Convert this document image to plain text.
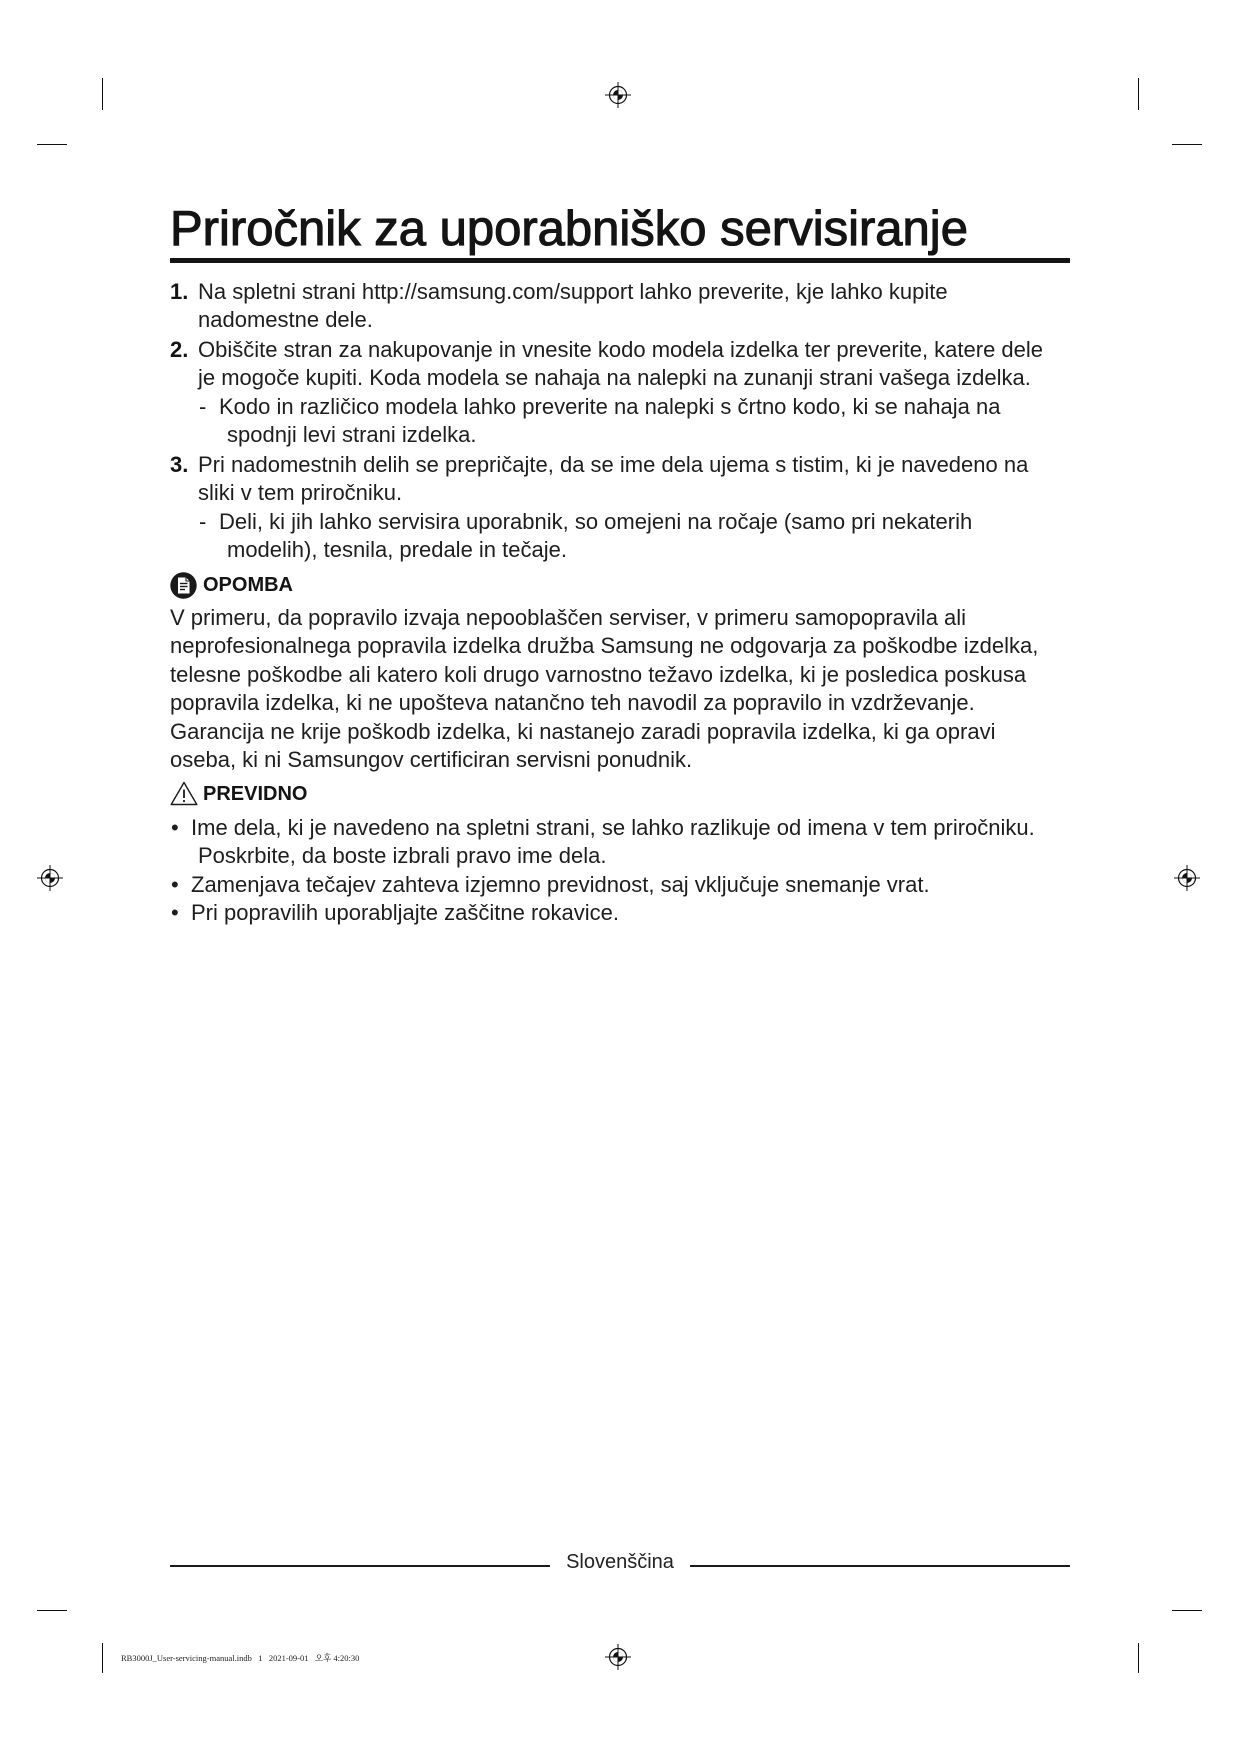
Priročnik za uporabniško servisiranje
1. Na spletni strani http://samsung.com/support lahko preverite, kje lahko kupite
nadomestne dele.
2. Obiščite stran za nakupovanje in vnesite kodo modela izdelka ter preverite, katere dele
je mogoče kupiti. Koda modela se nahaja na nalepki na zunanji strani vašega izdelka.
- Kodo in različico modela lahko preverite na nalepki s črtno kodo, ki se nahaja na
spodnji levi strani izdelka.
3. Pri nadomestnih delih se prepričajte, da se ime dela ujema s tistim, ki je navedeno na
sliki v tem priročniku.
- Deli, ki jih lahko servisira uporabnik, so omejeni na ročaje (samo pri nekaterih
modelih), tesnila, predale in tečaje.
OPOMBA
V primeru, da popravilo izvaja nepooblaščen serviser, v primeru samopopravila ali
neprofesionalnega popravila izdelka družba Samsung ne odgovarja za poškodbe izdelka,
telesne poškodbe ali katero koli drugo varnostno težavo izdelka, ki je posledica poskusa
popravila izdelka, ki ne upošteva natančno teh navodil za popravilo in vzdrževanje.
Garancija ne krije poškodb izdelka, ki nastanejo zaradi popravila izdelka, ki ga opravi
oseba, ki ni Samsungov certificiran servisni ponudnik.
PREVIDNO
• Ime dela, ki je navedeno na spletni strani, se lahko razlikuje od imena v tem priročniku.
Poskrbite, da boste izbrali pravo ime dela.
• Zamenjava tečajev zahteva izjemno previdnost, saj vključuje snemanje vrat.
• Pri popravilih uporabljajte zaščitne rokavice.
Slovenščina
RB3000J_User-servicing-manual.indb   1   2021-09-01   오후 4:20:30
